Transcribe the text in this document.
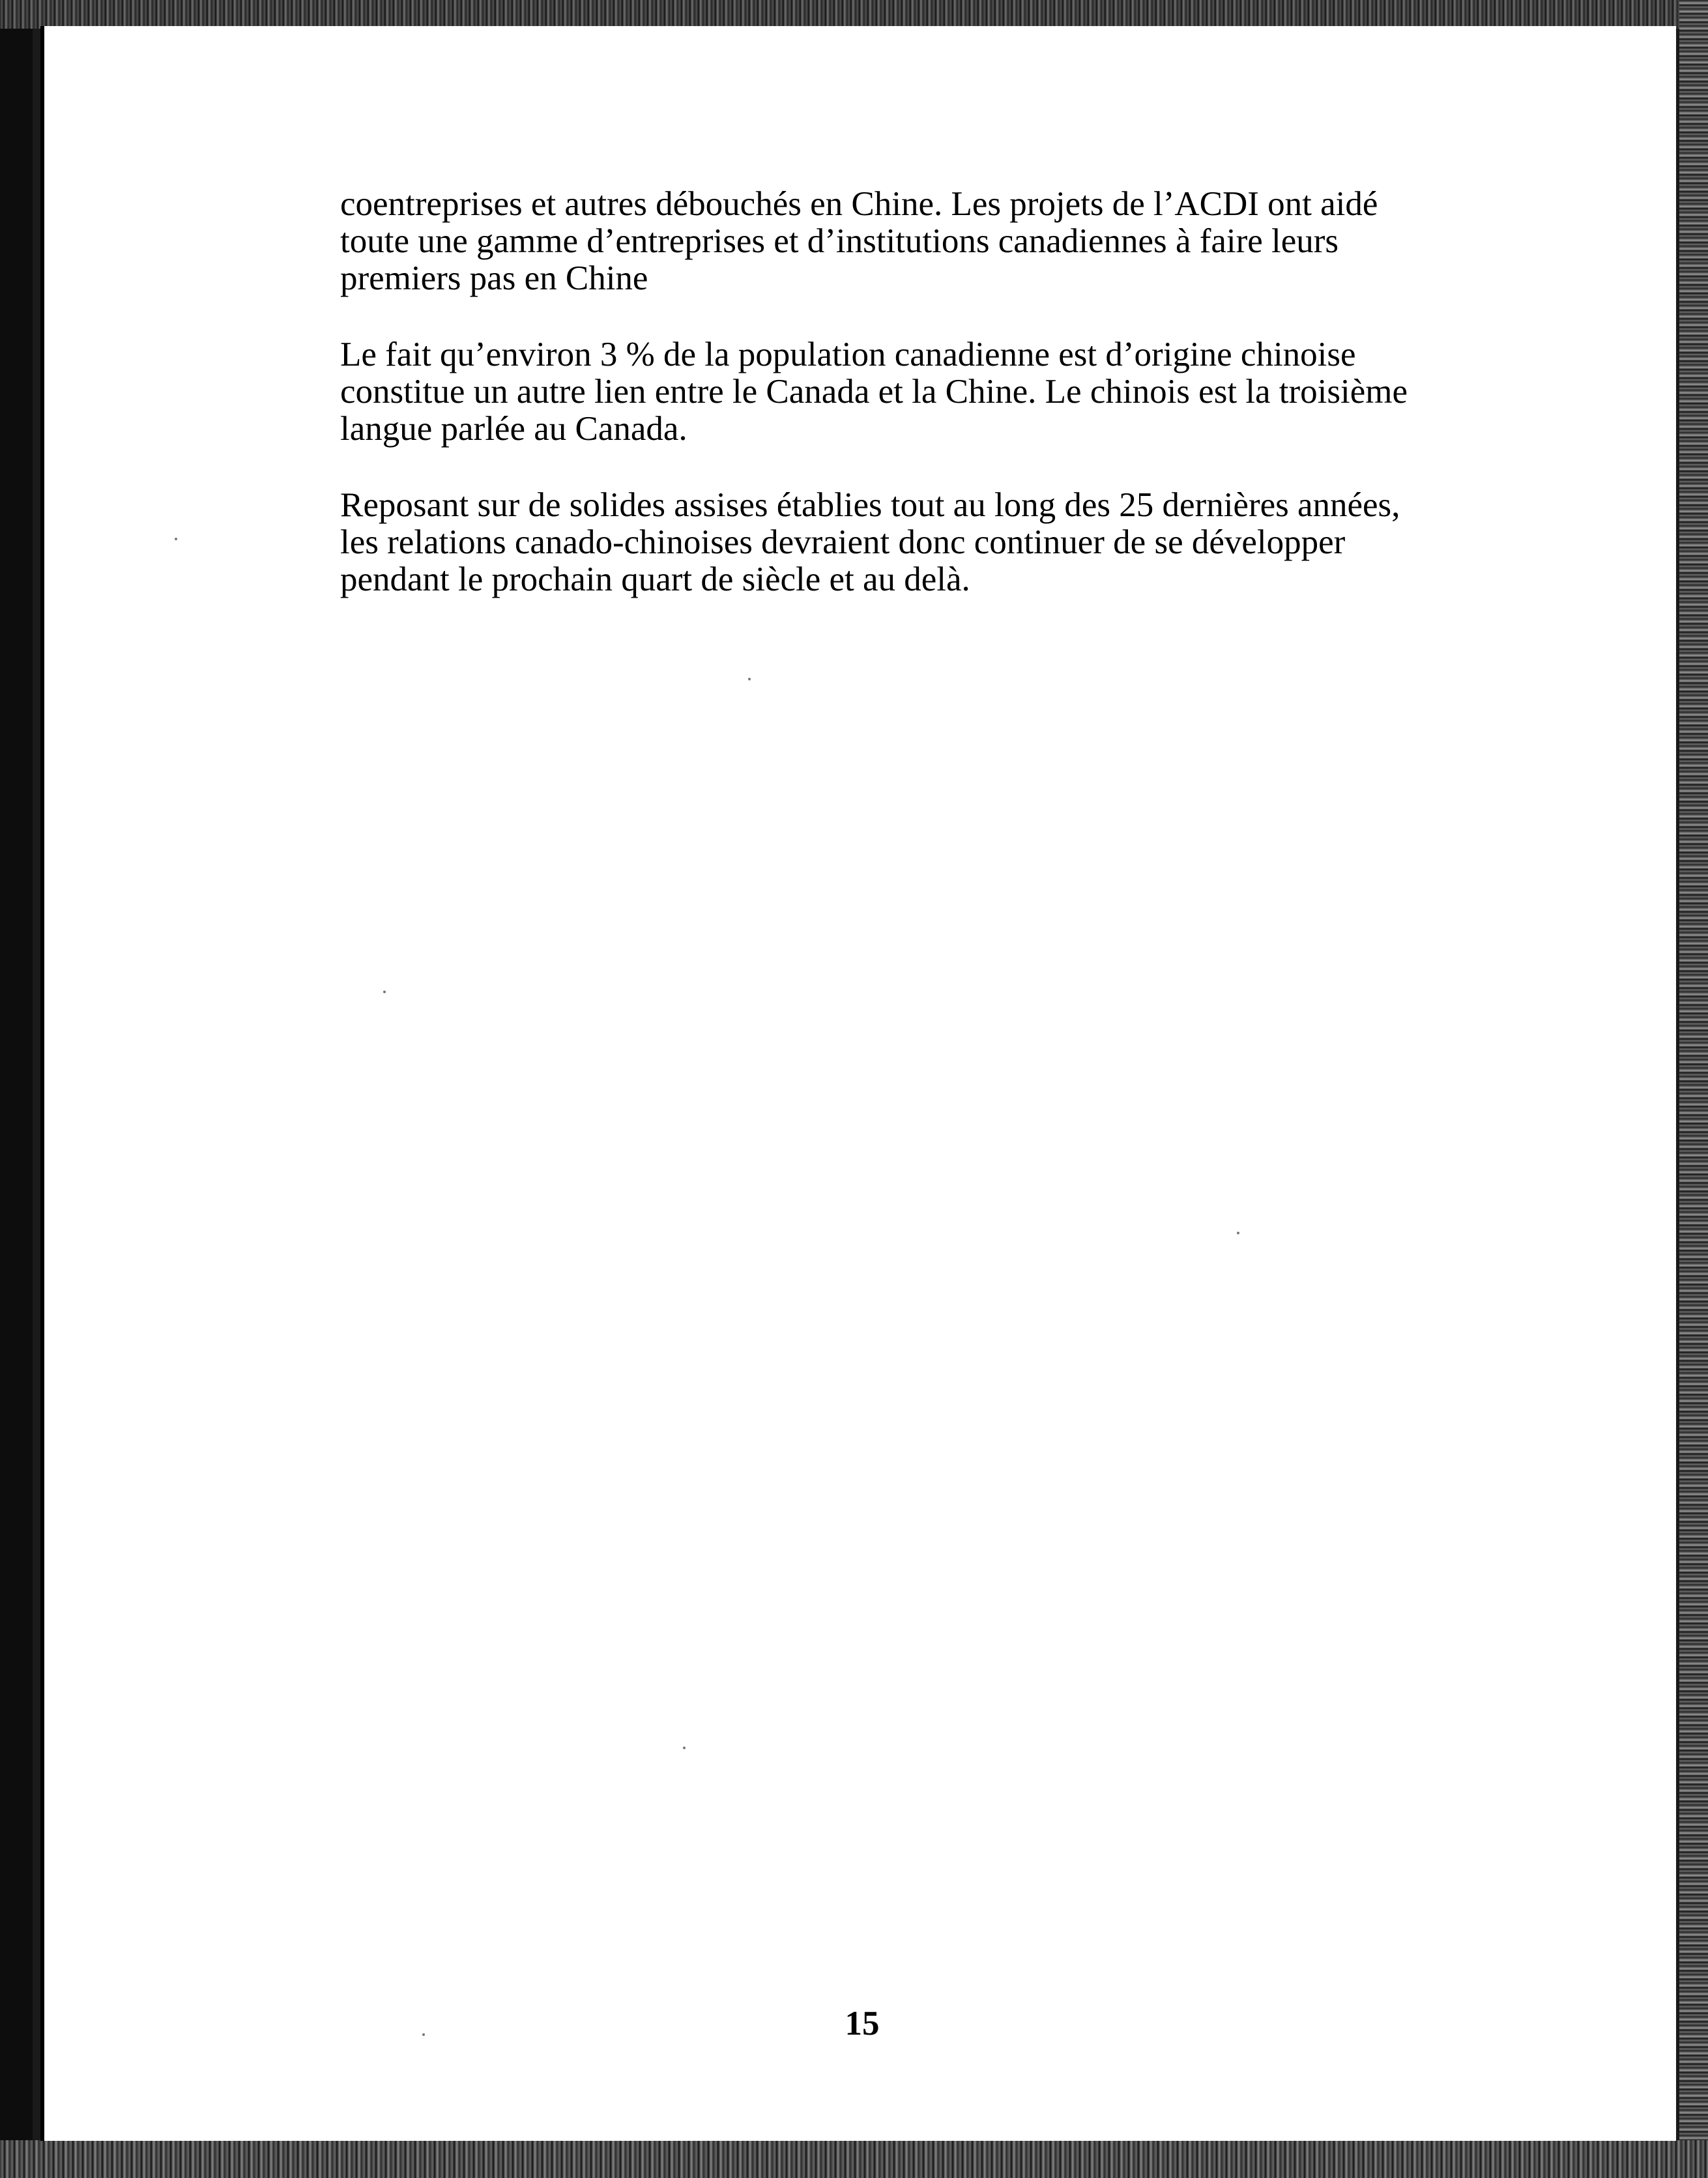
coentreprises et autres débouchés en Chine. Les projets de l’ACDI ont aidé
toute une gamme d’entreprises et d’institutions canadiennes à faire leurs
premiers pas en Chine

Le fait qu’environ 3 % de la population canadienne est d’origine chinoise
constitue un autre lien entre le Canada et la Chine. Le chinois est la troisième
langue parlée au Canada.

Reposant sur de solides assises établies tout au long des 25 dernières années,
les relations canado-chinoises devraient donc continuer de se développer
pendant le prochain quart de siècle et au delà.

15
